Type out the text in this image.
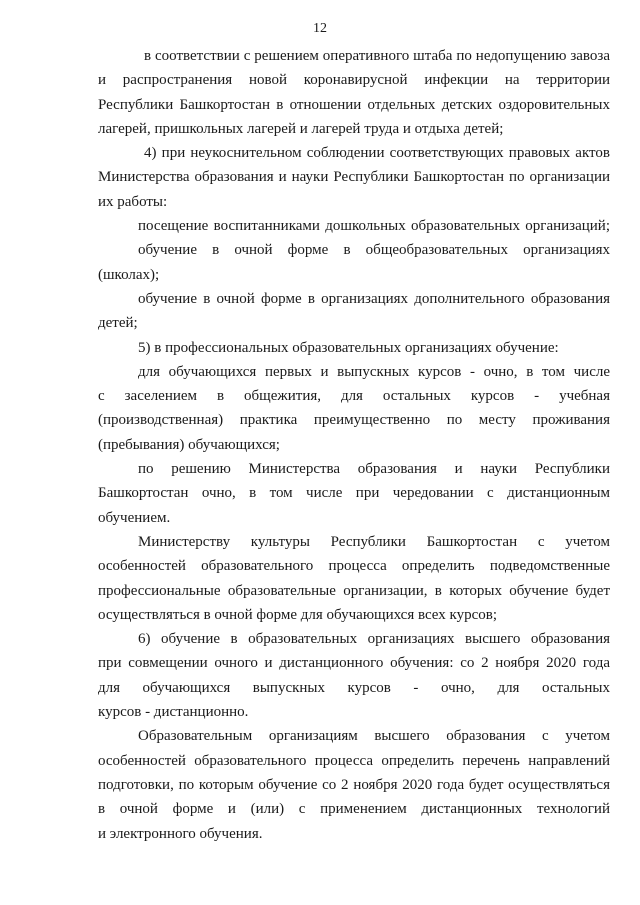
12
в соответствии с решением оперативного штаба по недопущению завоза
и распространения новой коронавирусной инфекции на территории
Республики Башкортостан в отношении отдельных детских оздоровительных
лагерей, пришкольных лагерей и лагерей труда и отдыха детей;
4) при неукоснительном соблюдении соответствующих правовых актов
Министерства образования и науки Республики Башкортостан по организации
их работы:
посещение воспитанниками дошкольных образовательных организаций;
обучение в очной форме в общеобразовательных организациях
(школах);
обучение в очной форме в организациях дополнительного образования
детей;
5) в профессиональных образовательных организациях обучение:
для обучающихся первых и выпускных курсов - очно, в том числе
с заселением в общежития, для остальных курсов - учебная
(производственная) практика преимущественно по месту проживания
(пребывания) обучающихся;
по решению Министерства образования и науки Республики
Башкортостан очно, в том числе при чередовании с дистанционным
обучением.
Министерству культуры Республики Башкортостан с учетом
особенностей образовательного процесса определить подведомственные
профессиональные образовательные организации, в которых обучение будет
осуществляться в очной форме для обучающихся всех курсов;
6) обучение в образовательных организациях высшего образования
при совмещении очного и дистанционного обучения: со 2 ноября 2020 года
для обучающихся выпускных курсов - очно, для остальных
курсов - дистанционно.
Образовательным организациям высшего образования с учетом
особенностей образовательного процесса определить перечень направлений
подготовки, по которым обучение со 2 ноября 2020 года будет осуществляться
в очной форме и (или) с применением дистанционных технологий
и электронного обучения.
